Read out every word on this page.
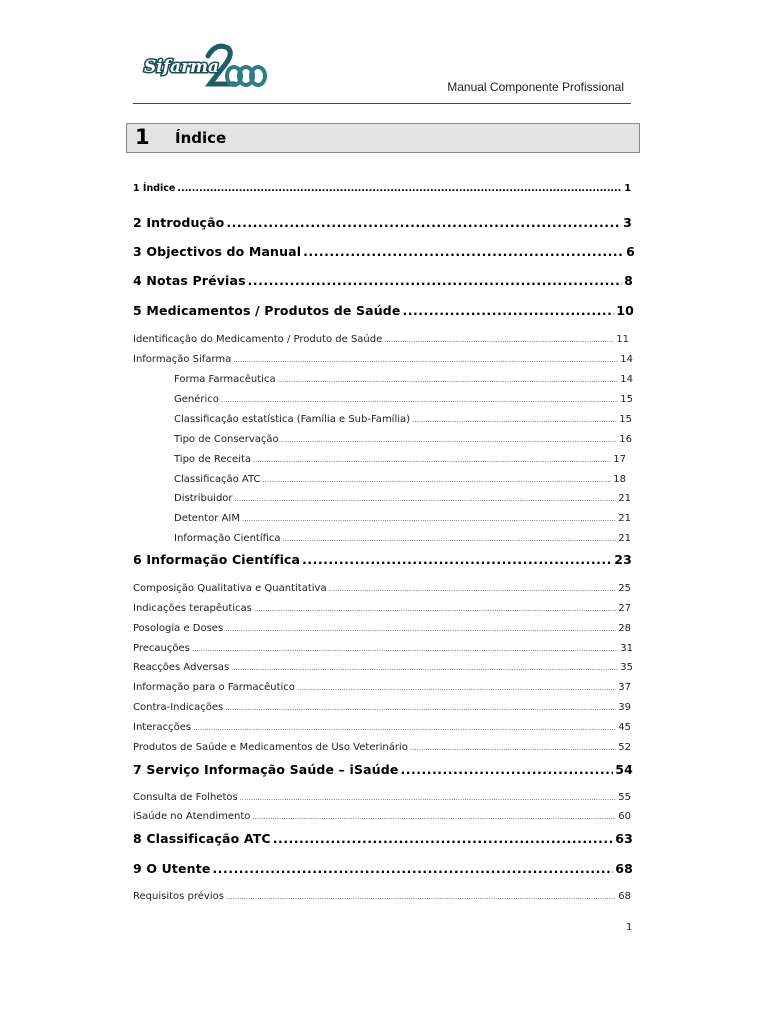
Sifarma
Manual Componente Profissional
1 Índice
1 Índice .....	1
2 Introdução .....	3
3 Objectivos do Manual .....	6
4 Notas Prévias .....	8
5 Medicamentos / Produtos de Saúde .....	10
Identificação do Medicamento / Produto de Saúde .....	11
Informação Sifarma .....	14
Forma Farmacêutica .....	14
Genérico .....	15
Classificação estatística (Família e Sub-Família) .....	15
Tipo de Conservação .....	16
Tipo de Receita .....	17
Classificação ATC .....	18
Distribuidor .....	21
Detentor AIM .....	21
Informação Científica .....	21
6 Informação Científica .....	23
Composição Qualitativa e Quantitativa .....	25
Indicações terapêuticas .....	27
Posologia e Doses .....	28
Precauções .....	31
Reacções Adversas .....	35
Informação para o Farmacêutico .....	37
Contra-Indicações .....	39
Interacções .....	45
Produtos de Saúde e Medicamentos de Uso Veterinário .....	52
7 Serviço Informação Saúde – iSaúde .....	54
Consulta de Folhetos .....	55
iSaúde no Atendimento .....	60
8 Classificação ATC .....	63
9 O Utente .....	68
Requisitos prévios .....	68
1
